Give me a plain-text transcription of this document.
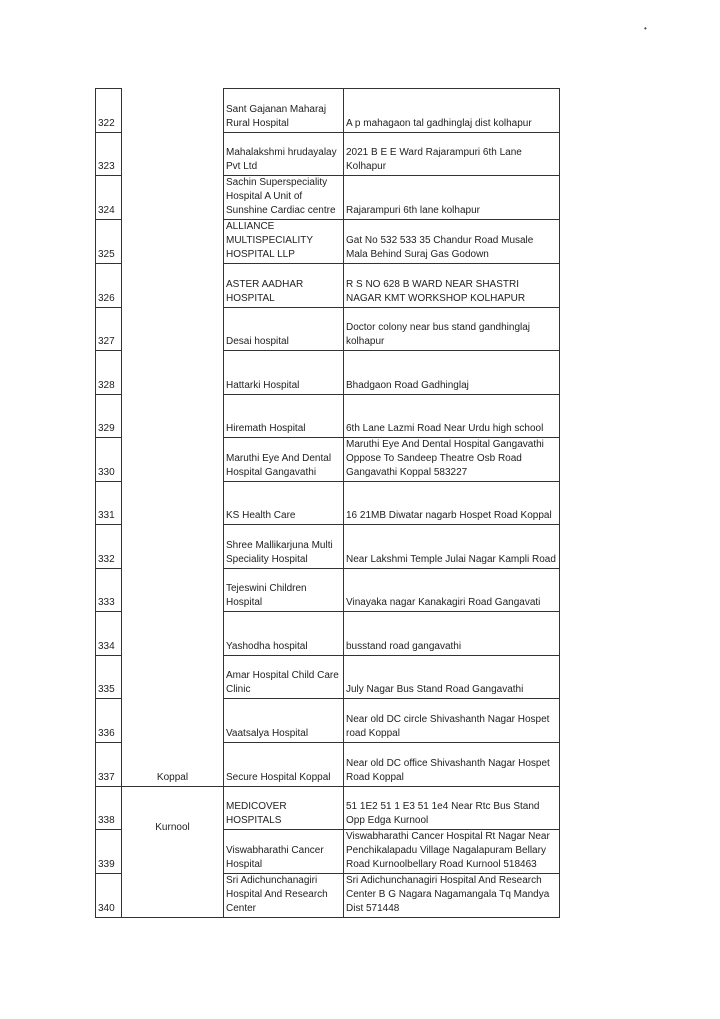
•
322		Sant Gajanan Maharaj Rural Hospital	A p mahagaon tal gadhinglaj dist kolhapur
323		Mahalakshmi hrudayalay Pvt Ltd	2021 B E E Ward Rajarampuri 6th Lane Kolhapur
324		Sachin Superspeciality Hospital A Unit of Sunshine Cardiac centre	Rajarampuri 6th lane kolhapur
325		ALLIANCE MULTISPECIALITY HOSPITAL LLP	Gat No 532 533 35 Chandur Road Musale Mala Behind Suraj Gas Godown
326		ASTER AADHAR HOSPITAL	R S NO 628 B WARD NEAR SHASTRI NAGAR KMT WORKSHOP KOLHAPUR
327		Desai hospital	Doctor colony near bus stand gandhinglaj kolhapur
328		Hattarki Hospital	Bhadgaon Road Gadhinglaj
329		Hiremath Hospital	6th Lane Lazmi Road Near Urdu high school
330	Koppal	Maruthi Eye And Dental Hospital Gangavathi	Maruthi Eye And Dental Hospital Gangavathi Oppose To Sandeep Theatre Osb Road Gangavathi Koppal 583227
331		KS Health Care	16 21MB Diwatar nagarb Hospet Road Koppal
332		Shree Mallikarjuna Multi Speciality Hospital	Near Lakshmi Temple Julai Nagar Kampli Road
333		Tejeswini Children Hospital	Vinayaka nagar Kanakagiri Road Gangavati
334		Yashodha hospital	busstand road gangavathi
335		Amar Hospital Child Care Clinic	July Nagar Bus Stand Road Gangavathi
336		Vaatsalya Hospital	Near old DC circle Shivashanth Nagar Hospet road Koppal
337		Secure Hospital Koppal	Near old DC office Shivashanth Nagar Hospet Road Koppal
338	Kurnool	MEDICOVER HOSPITALS	51 1E2 51 1 E3 51 1e4 Near Rtc Bus Stand Opp Edga Kurnool
339		Viswabharathi Cancer Hospital	Viswabharathi Cancer Hospital Rt Nagar Near Penchikalapadu Village Nagalapuram Bellary Road Kurnoolbellary Road Kurnool 518463
340		Sri Adichunchanagiri Hospital And Research Center	Sri Adichunchanagiri Hospital And Research Center B G Nagara Nagamangala Tq Mandya Dist 571448
